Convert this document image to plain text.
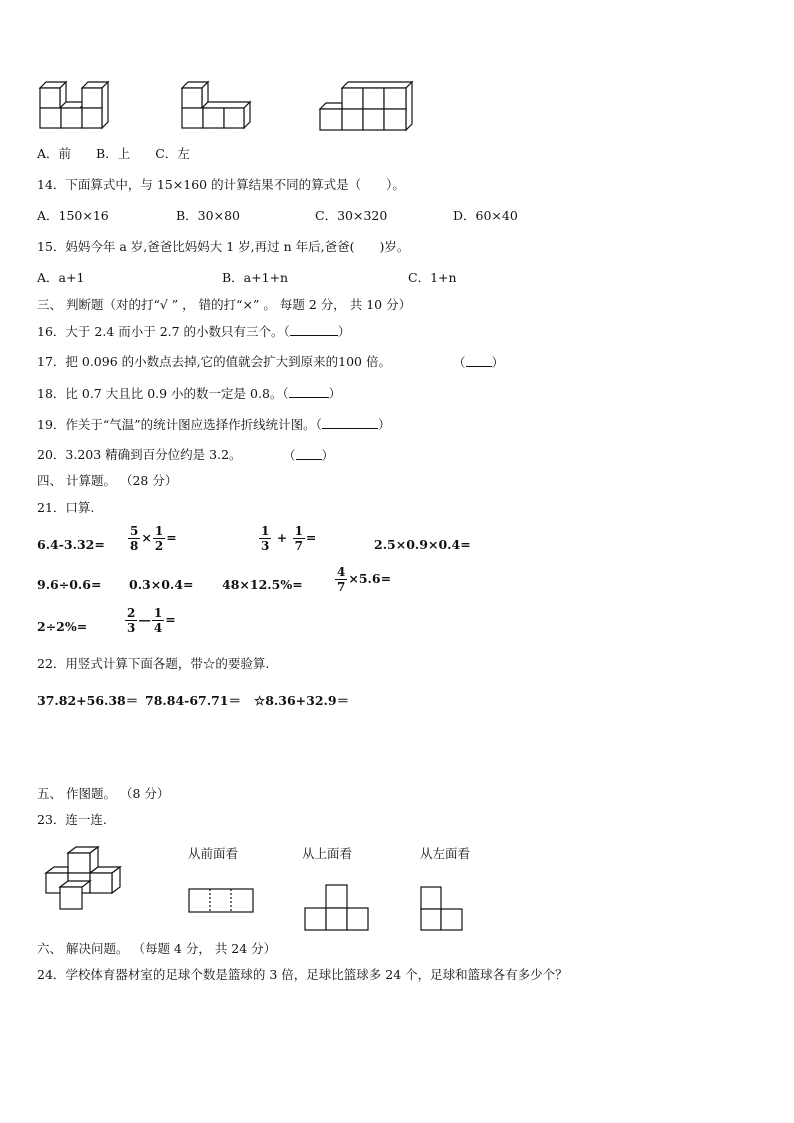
A．前　　B．上　　C．左
14．下面算式中，与 15×160 的计算结果不同的算式是（　　）。
A．150×16	B．30×80	C．30×320	D．60×40
15．妈妈今年 a 岁,爸爸比妈妈大 1 岁,再过 n 年后,爸爸(　　)岁。
A．a+1	B．a+1+n	C．1+n
三、 判断题（对的打“√ ” ， 错的打“×” 。 每题 2 分， 共 10 分）
16．大于 2.4 而小于 2.7 的小数只有三个。（	）
17．把 0.096 的小数点去掉,它的值就会扩大到原来的100 倍。	（ ）
18．比 0.7 大且比 0.9 小的数一定是 0.8。（	）
19．作关于“气温”的统计图应选择作折线统计图。（	）
20．3.203 精确到百分位约是 3.2。	（ ）
四、 计算题。 （28 分）
21．口算.
$6.4-3.32= \frac{5}{8} \times \frac{1}{2}$ =	$\frac{1}{3} + \frac{1}{7}$ =	2.5×0.9×0.4=
9.6÷0.6= 0.3×0.4= 48×12.5%=	$\frac{4}{7} \times 5.6=$
2÷2%=	$\frac{2}{3}$ — $\frac{1}{4}$ =
22．用竖式计算下面各题，带☆的要验算.
37.82+56.38＝ 78.84-67.71＝ ☆8.36+32.9＝
五、 作图题。 （8 分）
23．连一连.
从前面看	从上面看	从左面看
六、 解决问题。 （每题 4 分， 共 24 分）
24．学校体育器材室的足球个数是篮球的 3 倍，足球比篮球多 24 个，足球和篮球各有多少个？
